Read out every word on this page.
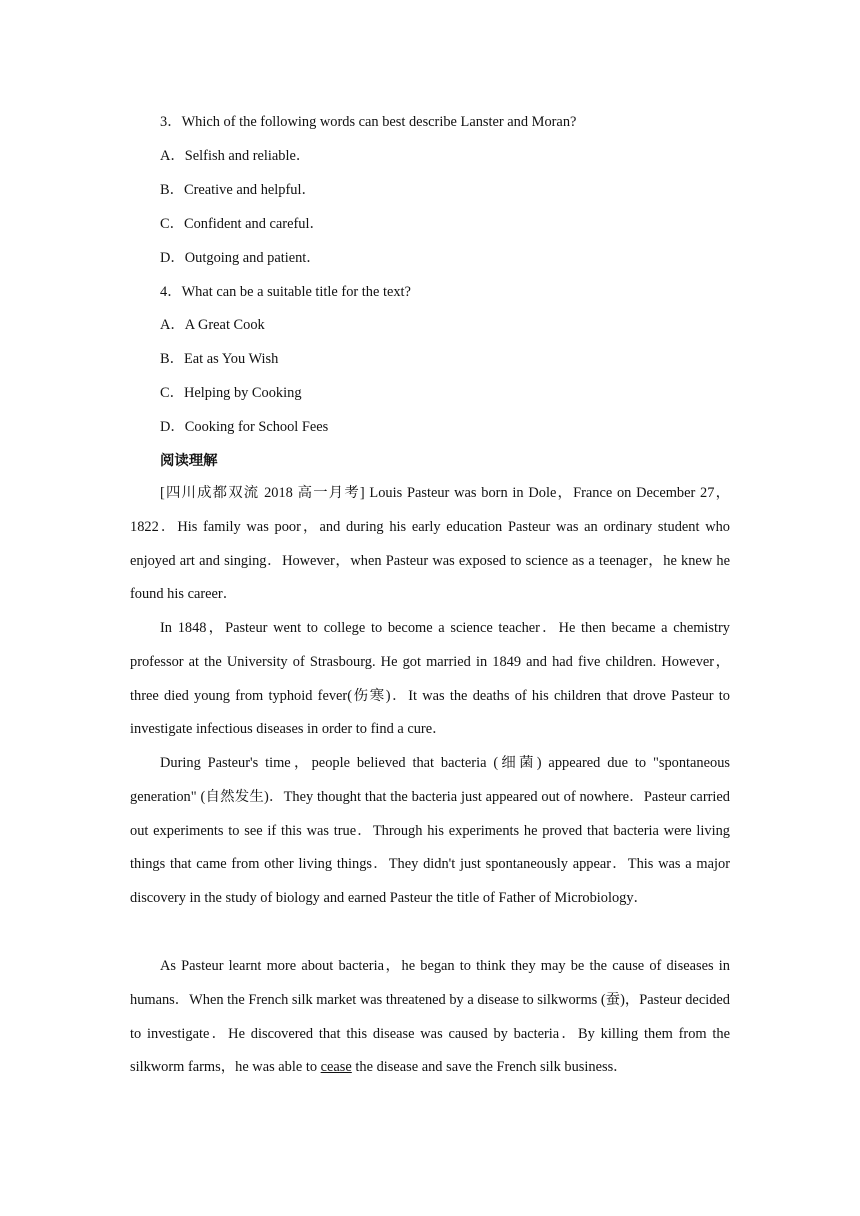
3．Which of the following words can best describe Lanster and Moran?
A．Selfish and reliable．
B．Creative and helpful．
C．Confident and careful．
D．Outgoing and patient．
4．What can be a suitable title for the text?
A．A Great Cook
B．Eat as You Wish
C．Helping by Cooking
D．Cooking for School Fees
阅读理解
[四川成都双流 2018 高一月考] Louis Pasteur was born in Dole，France on December 27，1822．His family was poor，and during his early education Pasteur was an ordinary student who enjoyed art and singing．However，when Pasteur was exposed to science as a teenager，he knew he found his career．
In 1848，Pasteur went to college to become a science teacher．He then became a chemistry professor at the University of Strasbourg. He got married in 1849 and had five children. However，three died young from typhoid fever(伤寒)．It was the deaths of his children that drove Pasteur to investigate infectious diseases in order to find a cure．
During Pasteur's time，people believed that bacteria (细菌) appeared due to "spontaneous generation" (自然发生)．They thought that the bacteria just appeared out of nowhere．Pasteur carried out experiments to see if this was true．Through his experiments he proved that bacteria were living things that came from other living things．They didn't just spontaneously appear．This was a major discovery in the study of biology and earned Pasteur the title of Father of Microbiology．
As Pasteur learnt more about bacteria，he began to think they may be the cause of diseases in humans．When the French silk market was threatened by a disease to silkworms (蚕)，Pasteur decided to investigate．He discovered that this disease was caused by bacteria．By killing them from the silkworm farms，he was able to cease the disease and save the French silk business．
